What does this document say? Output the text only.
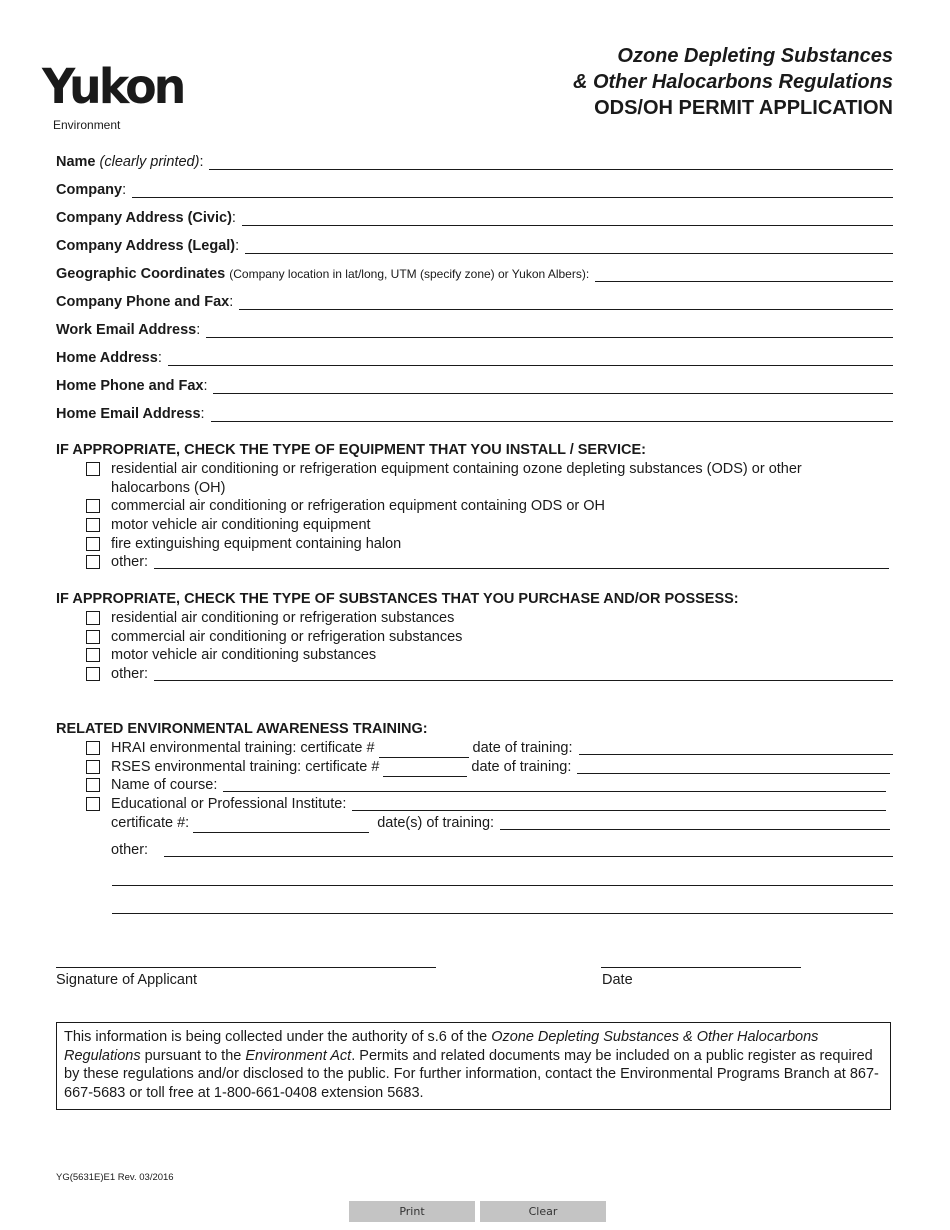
Yukon
Environment
Ozone Depleting Substances
& Other Halocarbons Regulations
ODS/OH PERMIT APPLICATION
Name (clearly printed):
Company:
Company Address (Civic):
Company Address (Legal):
Geographic Coordinates (Company location in lat/long, UTM (specify zone) or Yukon Albers):
Company Phone and Fax:
Work Email Address:
Home Address:
Home Phone and Fax:
Home Email Address:
IF APPROPRIATE, CHECK THE TYPE OF EQUIPMENT THAT YOU INSTALL / SERVICE:
residential air conditioning or refrigeration equipment containing ozone depleting substances (ODS) or other halocarbons (OH)
commercial air conditioning or refrigeration equipment containing ODS or OH
motor vehicle air conditioning equipment
fire extinguishing equipment containing halon
other:
IF APPROPRIATE, CHECK THE TYPE OF SUBSTANCES THAT YOU PURCHASE AND/OR POSSESS:
residential air conditioning or refrigeration substances
commercial air conditioning or refrigeration substances
motor vehicle air conditioning substances
other:
RELATED ENVIRONMENTAL AWARENESS TRAINING:
HRAI environmental training: certificate #	date of training:
RSES environmental training: certificate #	date of training:
Name of course:
Educational or Professional Institute:
certificate #:	date(s) of training:
other:
Signature of Applicant	Date
This information is being collected under the authority of s.6 of the Ozone Depleting Substances & Other Halocarbons Regulations pursuant to the Environment Act. Permits and related documents may be included on a public register as required by these regulations and/or disclosed to the public. For further information, contact the Environmental Programs Branch at 867-667-5683 or toll free at 1-800-661-0408 extension 5683.
YG(5631E)E1 Rev. 03/2016
Print	Clear
